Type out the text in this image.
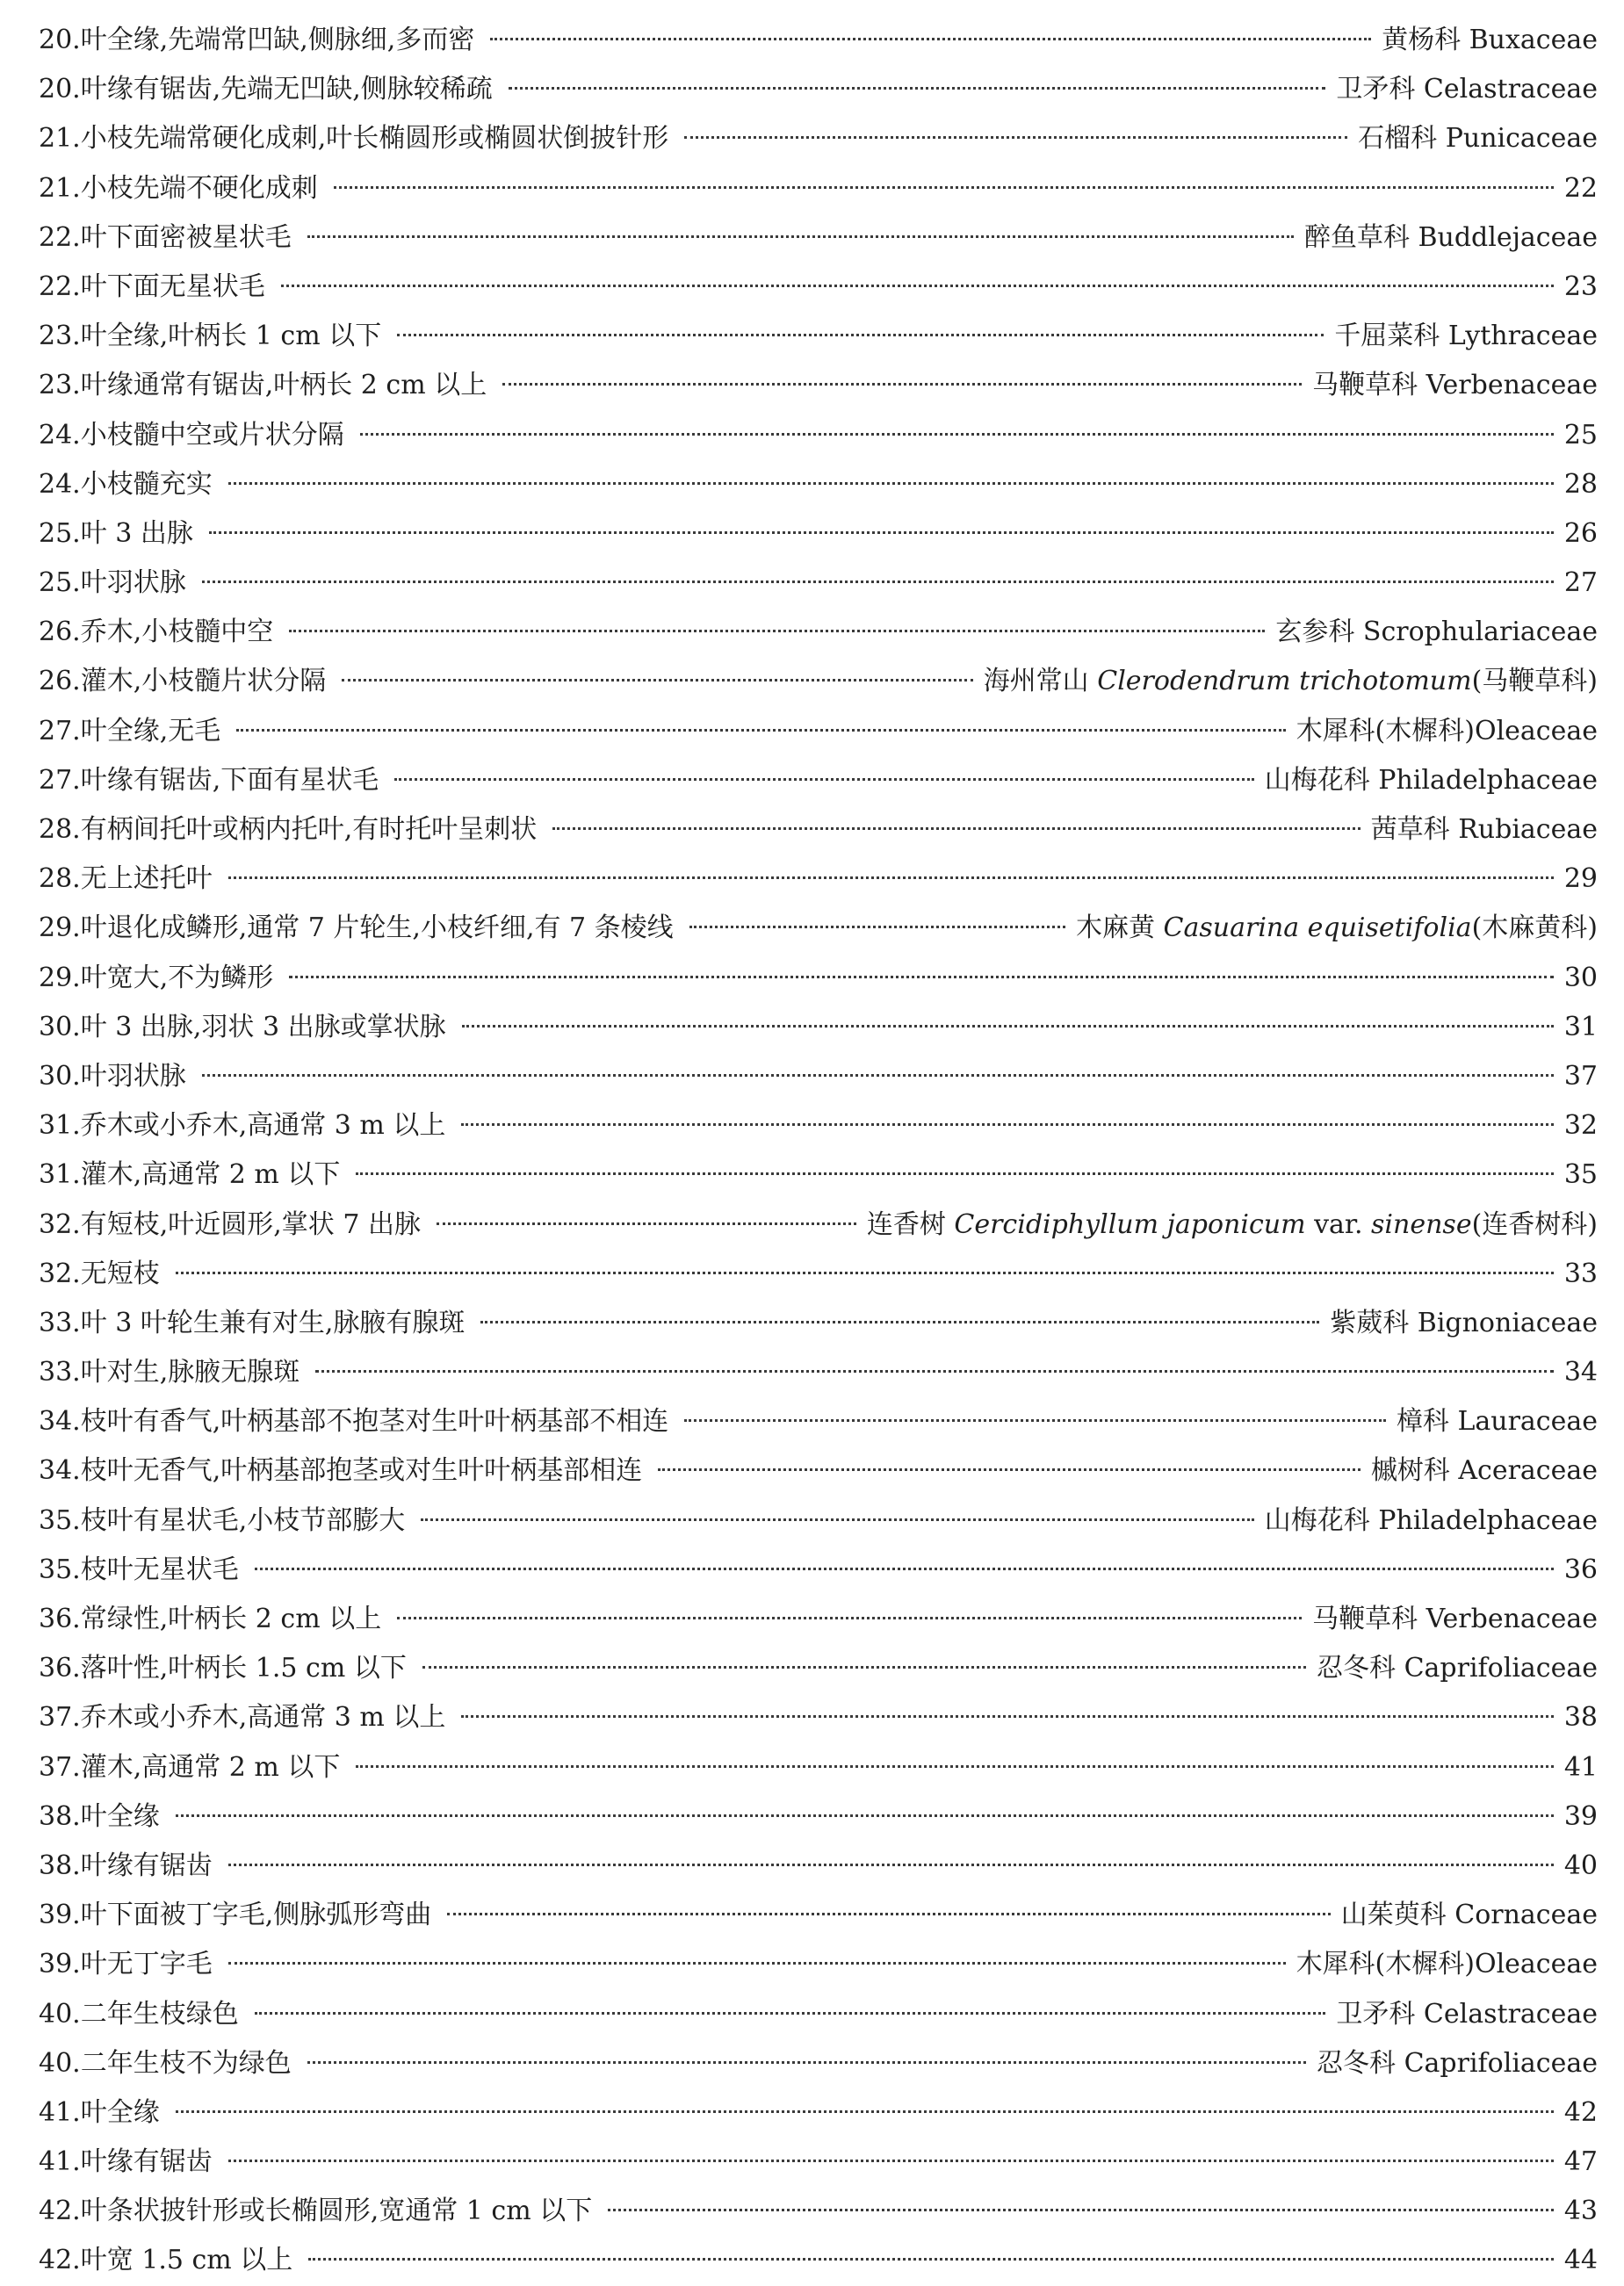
20. 叶全缘,先端常凹缺,侧脉细,多而密	黄杨科 Buxaceae
20. 叶缘有锯齿,先端无凹缺,侧脉较稀疏	卫矛科 Celastraceae
21. 小枝先端常硬化成刺,叶长椭圆形或椭圆状倒披针形	石榴科 Punicaceae
21. 小枝先端不硬化成刺	22
22. 叶下面密被星状毛	醉鱼草科 Buddlejaceae
22. 叶下面无星状毛	23
23. 叶全缘,叶柄长 1 cm 以下	千屈菜科 Lythraceae
23. 叶缘通常有锯齿,叶柄长 2 cm 以上	马鞭草科 Verbenaceae
24. 小枝髓中空或片状分隔	25
24. 小枝髓充实	28
25. 叶 3 出脉	26
25. 叶羽状脉	27
26. 乔木,小枝髓中空	玄参科 Scrophulariaceae
26. 灌木,小枝髓片状分隔	海州常山 Clerodendrum trichotomum(马鞭草科)
27. 叶全缘,无毛	木犀科(木樨科)Oleaceae
27. 叶缘有锯齿,下面有星状毛	山梅花科 Philadelphaceae
28. 有柄间托叶或柄内托叶,有时托叶呈刺状	茜草科 Rubiaceae
28. 无上述托叶	29
29. 叶退化成鳞形,通常 7 片轮生,小枝纤细,有 7 条棱线	木麻黄 Casuarina equisetifolia(木麻黄科)
29. 叶宽大,不为鳞形	30
30. 叶 3 出脉,羽状 3 出脉或掌状脉	31
30. 叶羽状脉	37
31. 乔木或小乔木,高通常 3 m 以上	32
31. 灌木,高通常 2 m 以下	35
32. 有短枝,叶近圆形,掌状 7 出脉	连香树 Cercidiphyllum japonicum var. sinense(连香树科)
32. 无短枝	33
33. 叶 3 叶轮生兼有对生,脉腋有腺斑	紫葳科 Bignoniaceae
33. 叶对生,脉腋无腺斑	34
34. 枝叶有香气,叶柄基部不抱茎对生叶叶柄基部不相连	樟科 Lauraceae
34. 枝叶无香气,叶柄基部抱茎或对生叶叶柄基部相连	槭树科 Aceraceae
35. 枝叶有星状毛,小枝节部膨大	山梅花科 Philadelphaceae
35. 枝叶无星状毛	36
36. 常绿性,叶柄长 2 cm 以上	马鞭草科 Verbenaceae
36. 落叶性,叶柄长 1.5 cm 以下	忍冬科 Caprifoliaceae
37. 乔木或小乔木,高通常 3 m 以上	38
37. 灌木,高通常 2 m 以下	41
38. 叶全缘	39
38. 叶缘有锯齿	40
39. 叶下面被丁字毛,侧脉弧形弯曲	山茱萸科 Cornaceae
39. 叶无丁字毛	木犀科(木樨科)Oleaceae
40. 二年生枝绿色	卫矛科 Celastraceae
40. 二年生枝不为绿色	忍冬科 Caprifoliaceae
41. 叶全缘	42
41. 叶缘有锯齿	47
42. 叶条状披针形或长椭圆形,宽通常 1 cm 以下	43
42. 叶宽 1.5 cm 以上	44
